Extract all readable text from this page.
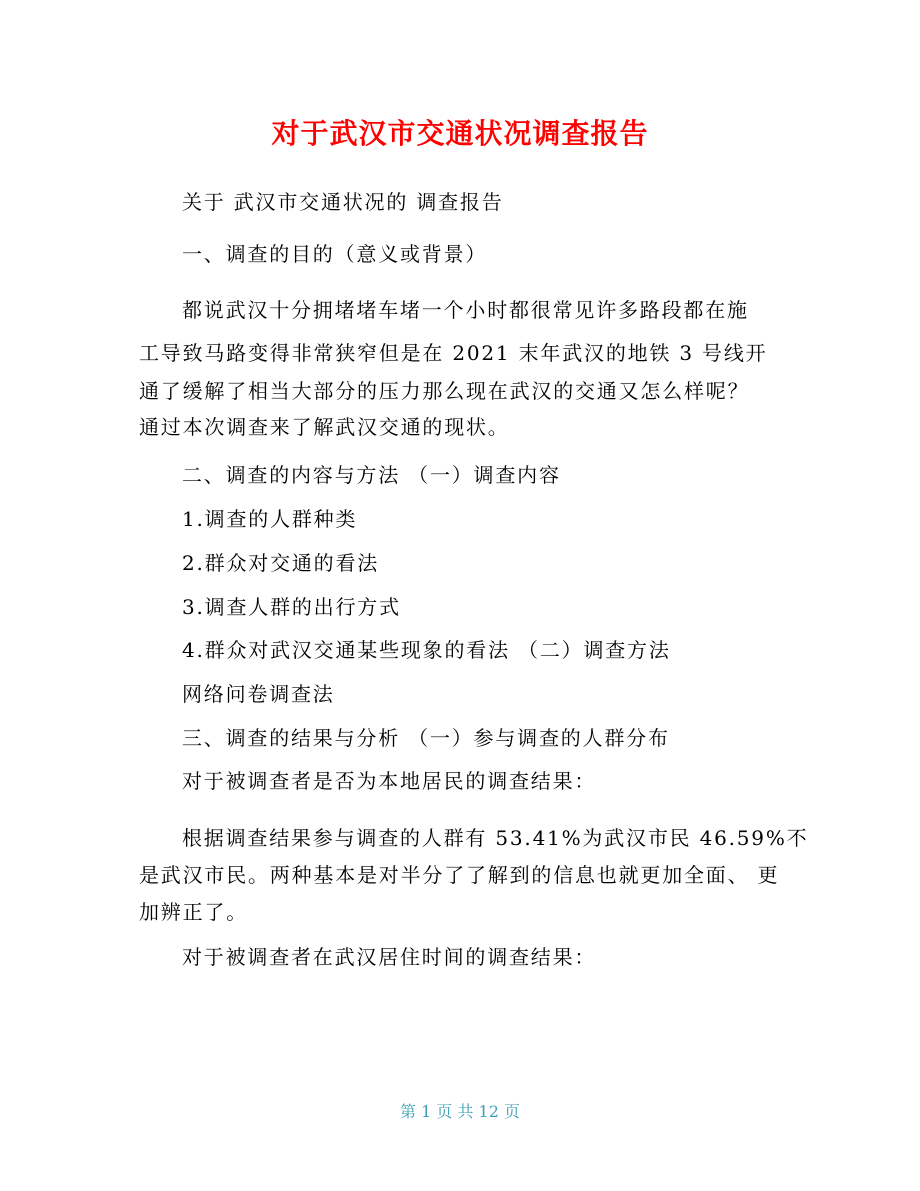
对于武汉市交通状况调查报告
关于 武汉市交通状况的 调查报告
一、调查的目的（意义或背景）
都说武汉十分拥堵堵车堵一个小时都很常见许多路段都在施
工导致马路变得非常狭窄但是在 2021 末年武汉的地铁 3 号线开
通了缓解了相当大部分的压力那么现在武汉的交通又怎么样呢？
通过本次调查来了解武汉交通的现状。
二、调查的内容与方法 （一）调查内容
1.调查的人群种类
2.群众对交通的看法
3.调查人群的出行方式
4.群众对武汉交通某些现象的看法 （二）调查方法
网络问卷调查法
三、调查的结果与分析 （一）参与调查的人群分布
对于被调查者是否为本地居民的调查结果：
根据调查结果参与调查的人群有 53.41%为武汉市民 46.59%不
是武汉市民。两种基本是对半分了了解到的信息也就更加全面、 更
加辨正了。
对于被调查者在武汉居住时间的调查结果：
第 1 页 共 12 页
